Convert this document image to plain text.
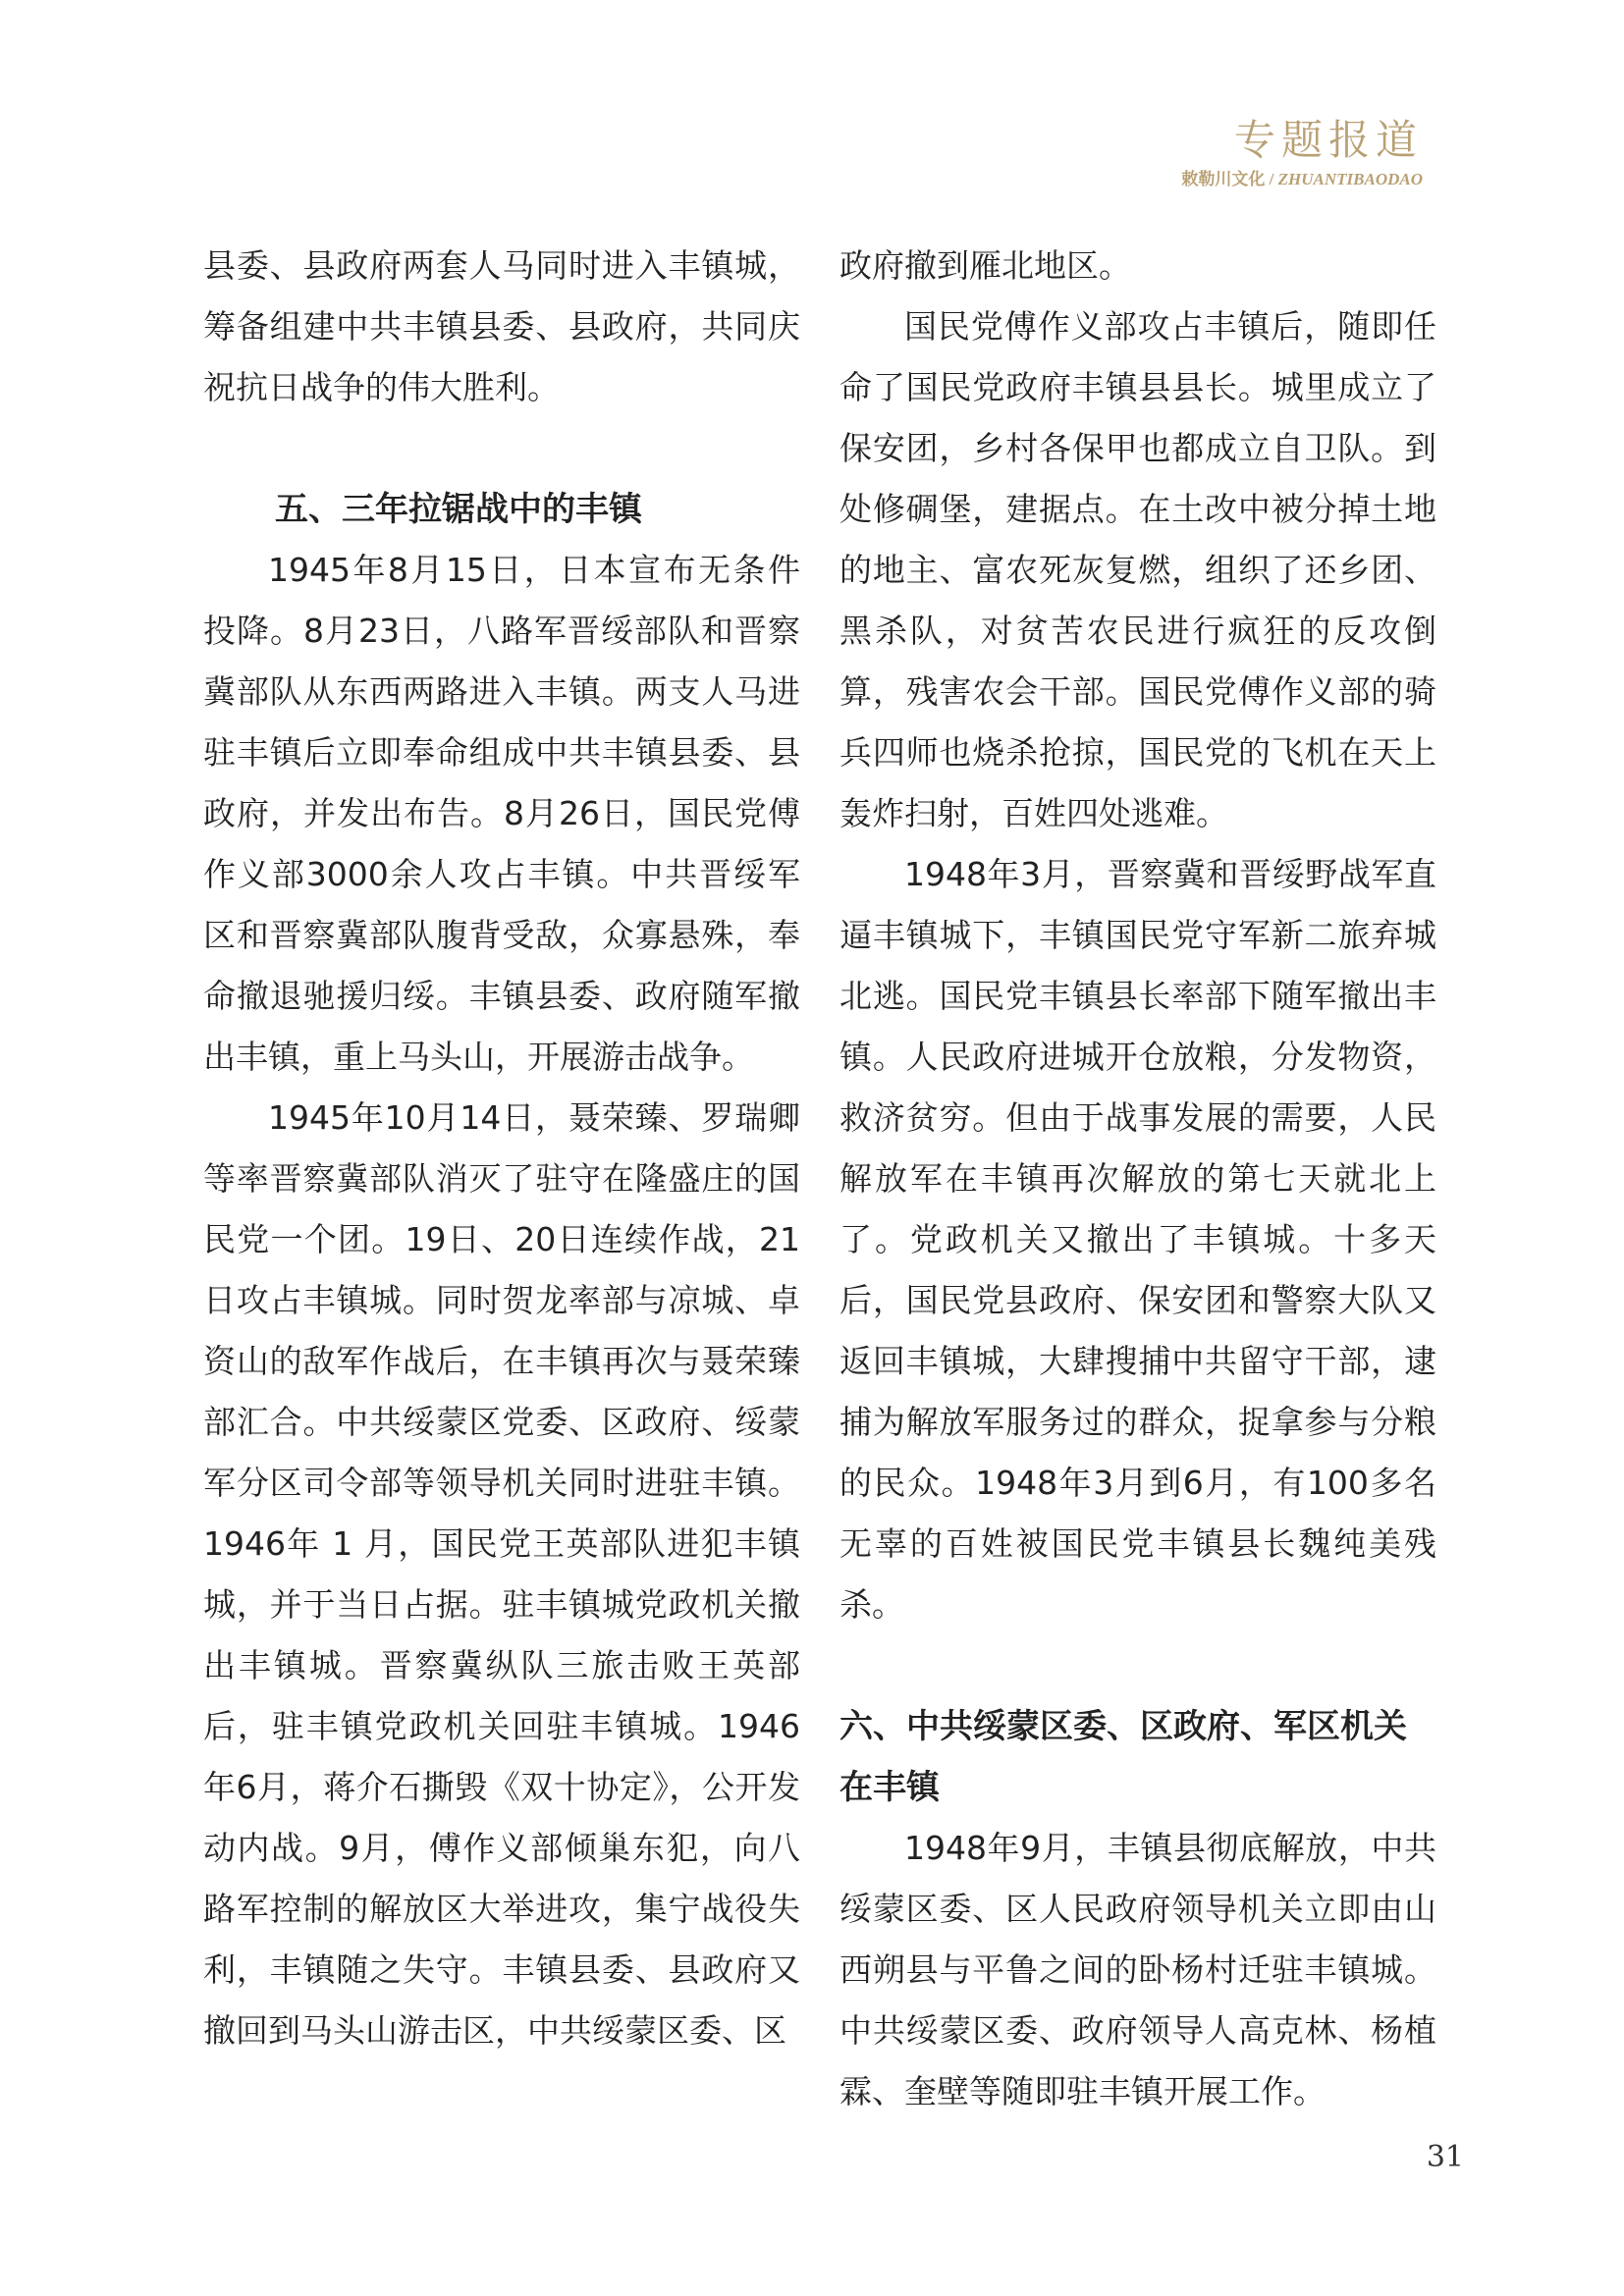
专题报道
敕勒川文化 / ZHUANTIBAODAO

县委、县政府两套人马同时进入丰镇城，筹备组建中共丰镇县委、县政府，共同庆祝抗日战争的伟大胜利。

五、三年拉锯战中的丰镇

1945年8月15日，日本宣布无条件投降。8月23日，八路军晋绥部队和晋察冀部队从东西两路进入丰镇。两支人马进驻丰镇后立即奉命组成中共丰镇县委、县政府，并发出布告。8月26日，国民党傅作义部3000余人攻占丰镇。中共晋绥军区和晋察冀部队腹背受敌，众寡悬殊，奉命撤退驰援归绥。丰镇县委、政府随军撤出丰镇，重上马头山，开展游击战争。

1945年10月14日，聂荣臻、罗瑞卿等率晋察冀部队消灭了驻守在隆盛庄的国民党一个团。19日、20日连续作战，21日攻占丰镇城。同时贺龙率部与凉城、卓资山的敌军作战后，在丰镇再次与聂荣臻部汇合。中共绥蒙区党委、区政府、绥蒙军分区司令部等领导机关同时进驻丰镇。1946年 1 月，国民党王英部队进犯丰镇城，并于当日占据。驻丰镇城党政机关撤出丰镇城。晋察冀纵队三旅击败王英部后，驻丰镇党政机关回驻丰镇城。1946年6月，蒋介石撕毁《双十协定》，公开发动内战。9月，傅作义部倾巢东犯，向八路军控制的解放区大举进攻，集宁战役失利，丰镇随之失守。丰镇县委、县政府又撤回到马头山游击区，中共绥蒙区委、区

政府撤到雁北地区。

国民党傅作义部攻占丰镇后，随即任命了国民党政府丰镇县县长。城里成立了保安团，乡村各保甲也都成立自卫队。到处修碉堡，建据点。在土改中被分掉土地的地主、富农死灰复燃，组织了还乡团、黑杀队，对贫苦农民进行疯狂的反攻倒算，残害农会干部。国民党傅作义部的骑兵四师也烧杀抢掠，国民党的飞机在天上轰炸扫射，百姓四处逃难。

1948年3月，晋察冀和晋绥野战军直逼丰镇城下，丰镇国民党守军新二旅弃城北逃。国民党丰镇县长率部下随军撤出丰镇。人民政府进城开仓放粮，分发物资，救济贫穷。但由于战事发展的需要，人民解放军在丰镇再次解放的第七天就北上了。党政机关又撤出了丰镇城。十多天后，国民党县政府、保安团和警察大队又返回丰镇城，大肆搜捕中共留守干部，逮捕为解放军服务过的群众，捉拿参与分粮的民众。1948年3月到6月，有100多名无辜的百姓被国民党丰镇县长魏纯美残杀。

六、中共绥蒙区委、区政府、军区机关在丰镇

1948年9月，丰镇县彻底解放，中共绥蒙区委、区人民政府领导机关立即由山西朔县与平鲁之间的卧杨村迁驻丰镇城。中共绥蒙区委、政府领导人高克林、杨植霖、奎壁等随即驻丰镇开展工作。

31
